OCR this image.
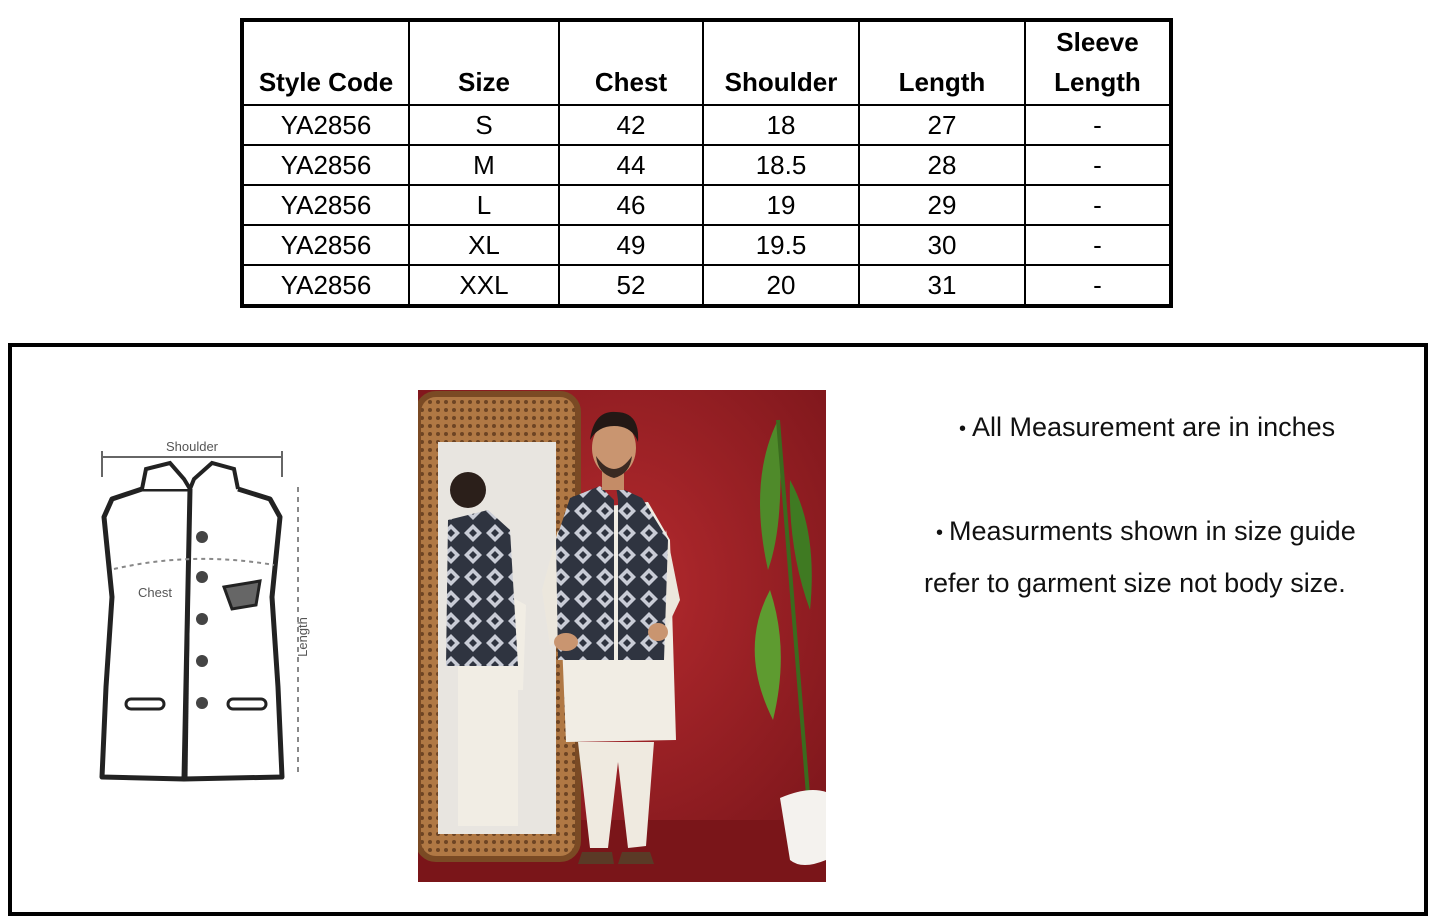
Style Code	Size	Chest	Shoulder	Length	Sleeve
Length

YA2856	S	42	18	27	-
YA2856	M	44	18.5	28	-
YA2856	L	46	19	29	-
YA2856	XL	49	19.5	30	-
YA2856	XXL	52	20	31	-
Shoulder
Chest
Length

• All Measurement are in inches

• Measurments shown in size guide
refer to garment size not body size.
